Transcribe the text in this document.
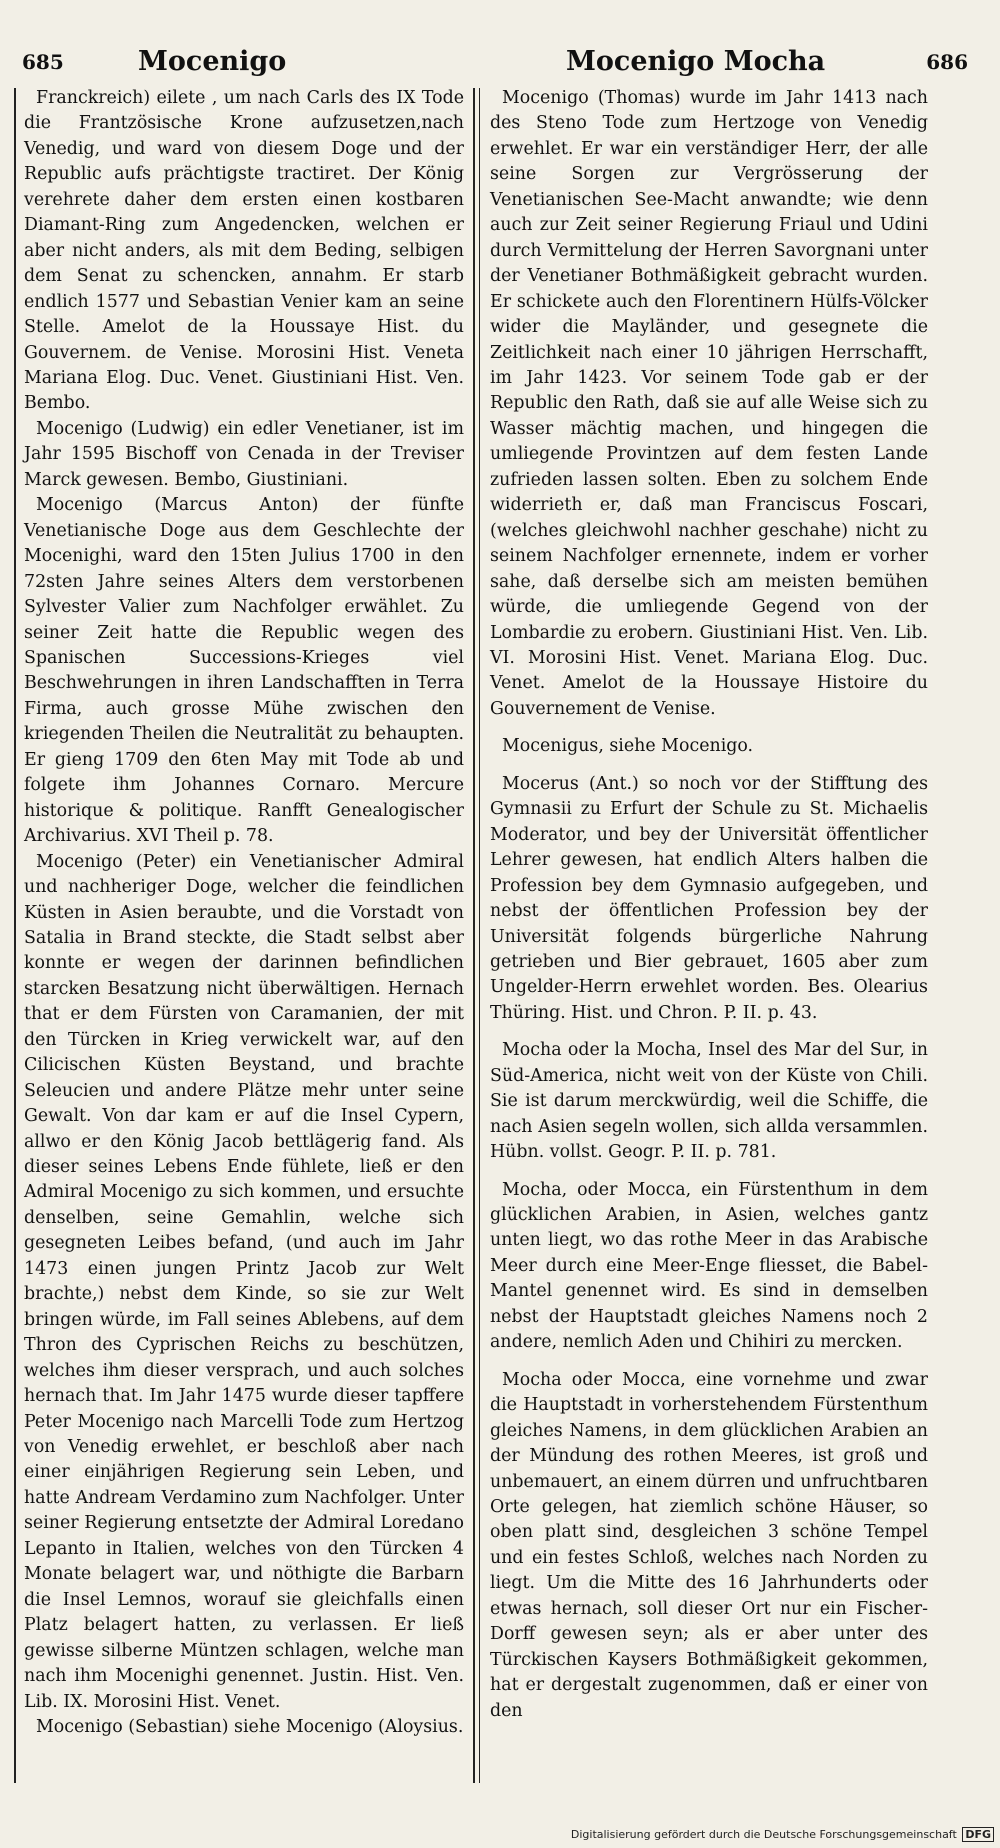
685	Mocenigo	Mocenigo Mocha	686

Franckreich) eilete , um nach Carls des IX Tode die Frantzösische Krone aufzusetzen,nach Venedig, und ward von diesem Doge und der Republic aufs prächtigste tractiret. Der König verehrete daher dem ersten einen kostbaren Diamant-Ring zum Angedencken, welchen er aber nicht anders, als mit dem Beding, selbigen dem Senat zu schencken, annahm. Er starb endlich 1577 und Sebastian Venier kam an seine Stelle. Amelot de la Houssaye Hist. du Gouvernem. de Venise. Morosini Hist. Veneta Mariana Elog. Duc. Venet. Giustiniani Hist. Ven. Bembo.

Mocenigo (Ludwig) ein edler Venetianer, ist im Jahr 1595 Bischoff von Cenada in der Treviser Marck gewesen. Bembo, Giustiniani.

Mocenigo (Marcus Anton) der fünfte Venetianische Doge aus dem Geschlechte der Mocenighi, ward den 15ten Julius 1700 in den 72sten Jahre seines Alters dem verstorbenen Sylvester Valier zum Nachfolger erwählet. Zu seiner Zeit hatte die Republic wegen des Spanischen Successions-Krieges viel Beschwehrungen in ihren Landschafften in Terra Firma, auch grosse Mühe zwischen den kriegenden Theilen die Neutralität zu behaupten. Er gieng 1709 den 6ten May mit Tode ab und folgete ihm Johannes Cornaro. Mercure historique & politique. Ranfft Genealogischer Archivarius. XVI Theil p. 78.

Mocenigo (Peter) ein Venetianischer Admiral und nachheriger Doge, welcher die feindlichen Küsten in Asien beraubte, und die Vorstadt von Satalia in Brand steckte, die Stadt selbst aber konnte er wegen der darinnen befindlichen starcken Besatzung nicht überwältigen. Hernach that er dem Fürsten von Caramanien, der mit den Türcken in Krieg verwickelt war, auf den Cilicischen Küsten Beystand, und brachte Seleucien und andere Plätze mehr unter seine Gewalt. Von dar kam er auf die Insel Cypern, allwo er den König Jacob bettlägerig fand. Als dieser seines Lebens Ende fühlete, ließ er den Admiral Mocenigo zu sich kommen, und ersuchte denselben, seine Gemahlin, welche sich gesegneten Leibes befand, (und auch im Jahr 1473 einen jungen Printz Jacob zur Welt brachte,) nebst dem Kinde, so sie zur Welt bringen würde, im Fall seines Ablebens, auf dem Thron des Cyprischen Reichs zu beschützen, welches ihm dieser versprach, und auch solches hernach that. Im Jahr 1475 wurde dieser tapffere Peter Mocenigo nach Marcelli Tode zum Hertzog von Venedig erwehlet, er beschloß aber nach einer einjährigen Regierung sein Leben, und hatte Andream Verdamino zum Nachfolger. Unter seiner Regierung entsetzte der Admiral Loredano Lepanto in Italien, welches von den Türcken 4 Monate belagert war, und nöthigte die Barbarn die Insel Lemnos, worauf sie gleichfalls einen Platz belagert hatten, zu verlassen. Er ließ gewisse silberne Müntzen schlagen, welche man nach ihm Mocenighi genennet. Justin. Hist. Ven. Lib. IX. Morosini Hist. Venet.

Mocenigo (Sebastian) siehe Mocenigo (Aloysius.

Mocenigo (Thomas) wurde im Jahr 1413 nach des Steno Tode zum Hertzoge von Venedig erwehlet. Er war ein verständiger Herr, der alle seine Sorgen zur Vergrösserung der Venetianischen See-Macht anwandte; wie denn auch zur Zeit seiner Regierung Friaul und Udini durch Vermittelung der Herren Savorgnani unter der Venetianer Bothmäßigkeit gebracht wurden. Er schickete auch den Florentinern Hülfs-Völcker wider die Mayländer, und gesegnete die Zeitlichkeit nach einer 10 jährigen Herrschafft, im Jahr 1423. Vor seinem Tode gab er der Republic den Rath, daß sie auf alle Weise sich zu Wasser mächtig machen, und hingegen die umliegende Provintzen auf dem festen Lande zufrieden lassen solten. Eben zu solchem Ende widerrieth er, daß man Franciscus Foscari, (welches gleichwohl nachher geschahe) nicht zu seinem Nachfolger ernennete, indem er vorher sahe, daß derselbe sich am meisten bemühen würde, die umliegende Gegend von der Lombardie zu erobern. Giustiniani Hist. Ven. Lib. VI. Morosini Hist. Venet. Mariana Elog. Duc. Venet. Amelot de la Houssaye Histoire du Gouvernement de Venise.

Mocenigus, siehe Mocenigo.

Mocerus (Ant.) so noch vor der Stifftung des Gymnasii zu Erfurt der Schule zu St. Michaelis Moderator, und bey der Universität öffentlicher Lehrer gewesen, hat endlich Alters halben die Profession bey dem Gymnasio aufgegeben, und nebst der öffentlichen Profession bey der Universität folgends bürgerliche Nahrung getrieben und Bier gebrauet, 1605 aber zum Ungelder-Herrn erwehlet worden. Bes. Olearius Thüring. Hist. und Chron. P. II. p. 43.

Mocha oder la Mocha, Insel des Mar del Sur, in Süd-America, nicht weit von der Küste von Chili. Sie ist darum merckwürdig, weil die Schiffe, die nach Asien segeln wollen, sich allda versammlen. Hübn. vollst. Geogr. P. II. p. 781.

Mocha, oder Mocca, ein Fürstenthum in dem glücklichen Arabien, in Asien, welches gantz unten liegt, wo das rothe Meer in das Arabische Meer durch eine Meer-Enge fliesset, die Babel-Mantel genennet wird. Es sind in demselben nebst der Hauptstadt gleiches Namens noch 2 andere, nemlich Aden und Chihiri zu mercken.

Mocha oder Mocca, eine vornehme und zwar die Hauptstadt in vorherstehendem Fürstenthum gleiches Namens, in dem glücklichen Arabien an der Mündung des rothen Meeres, ist groß und unbemauert, an einem dürren und unfruchtbaren Orte gelegen, hat ziemlich schöne Häuser, so oben platt sind, desgleichen 3 schöne Tempel und ein festes Schloß, welches nach Norden zu liegt. Um die Mitte des 16 Jahrhunderts oder etwas hernach, soll dieser Ort nur ein Fischer-Dorff gewesen seyn; als er aber unter des Türckischen Kaysers Bothmäßigkeit gekommen, hat er dergestalt zugenommen, daß er einer von den

Digitalisierung gefördert durch die Deutsche Forschungsgemeinschaft DFG
